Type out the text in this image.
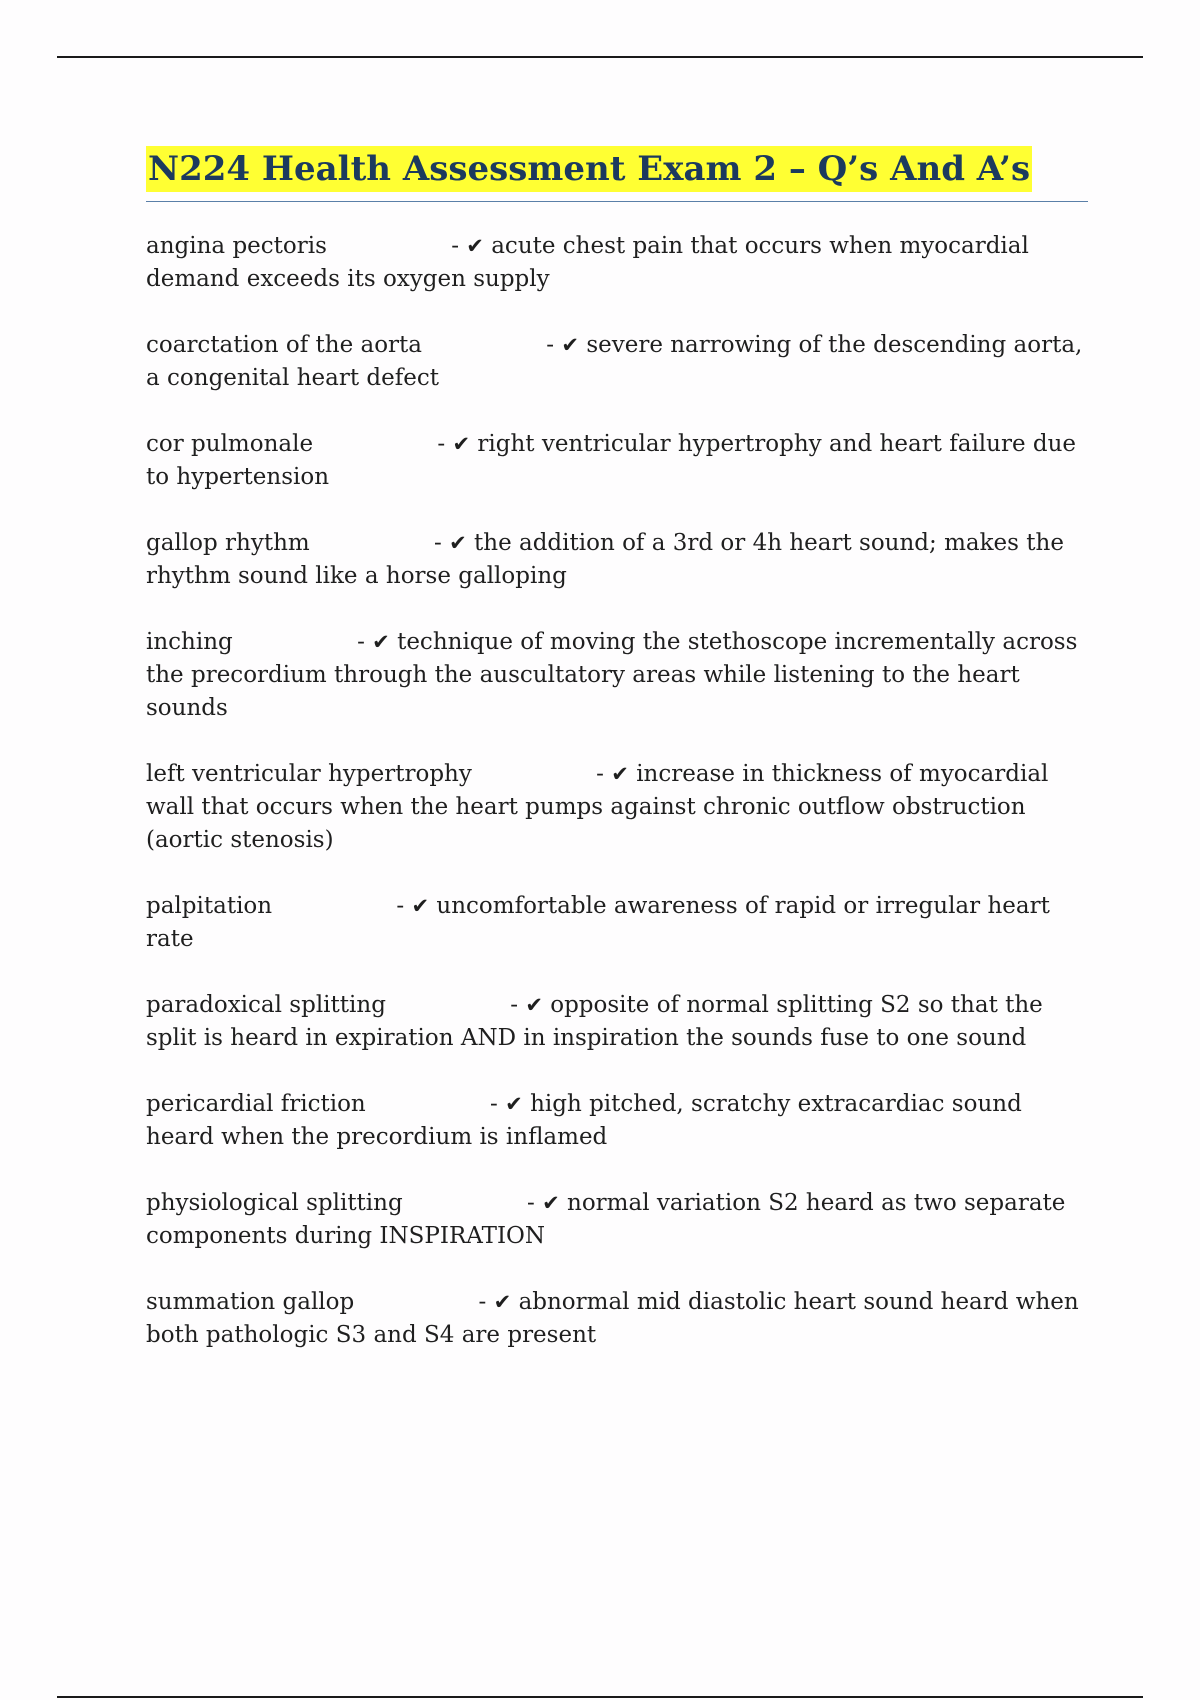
N224 Health Assessment Exam 2 – Q’s And A’s

angina pectoris	- ✔ acute chest pain that occurs when myocardial demand exceeds its oxygen supply

coarctation of the aorta	- ✔ severe narrowing of the descending aorta, a congenital heart defect

cor pulmonale	- ✔ right ventricular hypertrophy and heart failure due to hypertension

gallop rhythm	- ✔ the addition of a 3rd or 4h heart sound; makes the rhythm sound like a horse galloping

inching	- ✔ technique of moving the stethoscope incrementally across the precordium through the auscultatory areas while listening to the heart sounds

left ventricular hypertrophy	- ✔ increase in thickness of myocardial wall that occurs when the heart pumps against chronic outflow obstruction (aortic stenosis)

palpitation	- ✔ uncomfortable awareness of rapid or irregular heart rate

paradoxical splitting	- ✔ opposite of normal splitting S2 so that the split is heard in expiration AND in inspiration the sounds fuse to one sound

pericardial friction	- ✔ high pitched, scratchy extracardiac sound heard when the precordium is inflamed

physiological splitting	- ✔ normal variation S2 heard as two separate components during INSPIRATION

summation gallop	- ✔ abnormal mid diastolic heart sound heard when both pathologic S3 and S4 are present
